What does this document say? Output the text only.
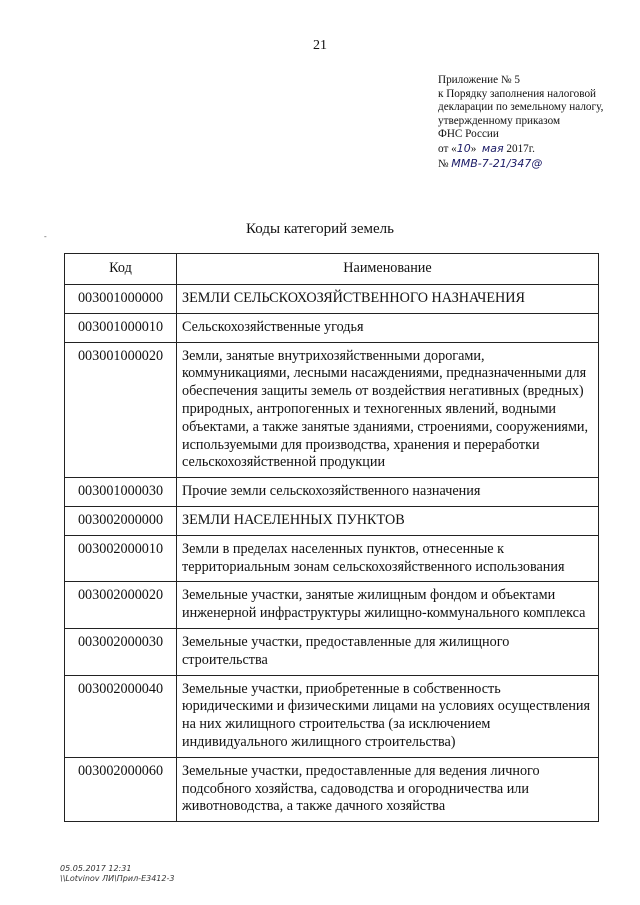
21
Приложение № 5
к Порядку заполнения налоговой
декларации по земельному налогу,
утвержденному приказом
ФНС России
от «10» мая 2017г.
№ ММВ-7-21/347@
Коды категорий земель
-
Код	Наименование
003001000000	ЗЕМЛИ СЕЛЬСКОХОЗЯЙСТВЕННОГО НАЗНАЧЕНИЯ
003001000010	Сельскохозяйственные угодья
003001000020	Земли, занятые внутрихозяйственными дорогами, коммуникациями, лесными насаждениями, предназначенными для обеспечения защиты земель от воздействия негативных (вредных) природных, антропогенных и техногенных явлений, водными объектами, а также занятые зданиями, строениями, сооружениями, используемыми для производства, хранения и переработки сельскохозяйственной продукции
003001000030	Прочие земли сельскохозяйственного назначения
003002000000	ЗЕМЛИ НАСЕЛЕННЫХ ПУНКТОВ
003002000010	Земли в пределах населенных пунктов, отнесенные к территориальным зонам сельскохозяйственного использования
003002000020	Земельные участки, занятые жилищным фондом и объектами инженерной инфраструктуры жилищно-коммунального комплекса
003002000030	Земельные участки, предоставленные для жилищного строительства
003002000040	Земельные участки, приобретенные в собственность юридическими и физическими лицами на условиях осуществления на них жилищного строительства (за исключением индивидуального жилищного строительства)
003002000060	Земельные участки, предоставленные для ведения личного подсобного хозяйства, садоводства и огородничества или животноводства, а также дачного хозяйства
05.05.2017 12:31
\\Lotvinov ЛИ\Прил-Е3412-3
